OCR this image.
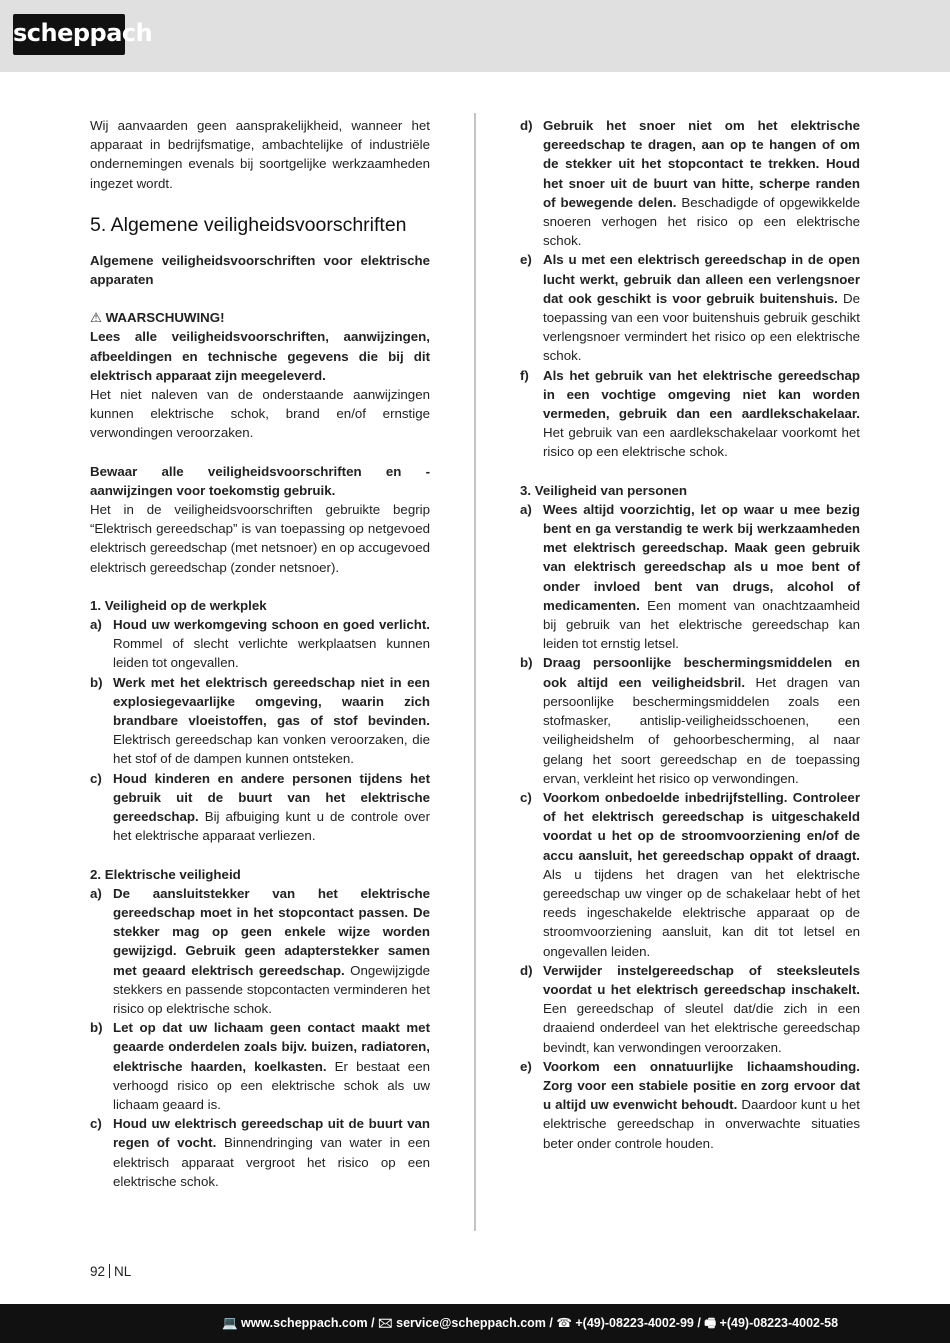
scheppach

Wij aanvaarden geen aansprakelijkheid, wanneer het apparaat in bedrijfsmatige, ambachtelijke of industriële ondernemingen evenals bij soortgelijke werkzaamheden ingezet wordt.

5. Algemene veiligheidsvoorschriften

Algemene veiligheidsvoorschriften voor elektrische apparaten

⚠ WAARSCHUWING!

Lees alle veiligheidsvoorschriften, aanwijzingen, afbeeldingen en technische gegevens die bij dit elektrisch apparaat zijn meegeleverd.

Het niet naleven van de onderstaande aanwijzingen kunnen elektrische schok, brand en/of ernstige verwondingen veroorzaken.

Bewaar alle veiligheidsvoorschriften en -aanwijzingen voor toekomstig gebruik.

Het in de veiligheidsvoorschriften gebruikte begrip “Elektrisch gereedschap” is van toepassing op netgevoed elektrisch gereedschap (met netsnoer) en op accugevoed elektrisch gereedschap (zonder netsnoer).

1. Veiligheid op de werkplek

a) Houd uw werkomgeving schoon en goed verlicht. Rommel of slecht verlichte werkplaatsen kunnen leiden tot ongevallen.
b) Werk met het elektrisch gereedschap niet in een explosiegevaarlijke omgeving, waarin zich brandbare vloeistoffen, gas of stof bevinden. Elektrisch gereedschap kan vonken veroorzaken, die het stof of de dampen kunnen ontsteken.
c) Houd kinderen en andere personen tijdens het gebruik uit de buurt van het elektrische gereedschap. Bij afbuiging kunt u de controle over het elektrische apparaat verliezen.

2. Elektrische veiligheid

a) De aansluitstekker van het elektrische gereedschap moet in het stopcontact passen. De stekker mag op geen enkele wijze worden gewijzigd. Gebruik geen adapterstekker samen met geaard elektrisch gereedschap. Ongewijzigde stekkers en passende stopcontacten verminderen het risico op elektrische schok.
b) Let op dat uw lichaam geen contact maakt met geaarde onderdelen zoals bijv. buizen, radiatoren, elektrische haarden, koelkasten. Er bestaat een verhoogd risico op een elektrische schok als uw lichaam geaard is.
c) Houd uw elektrisch gereedschap uit de buurt van regen of vocht. Binnendringing van water in een elektrisch apparaat vergroot het risico op een elektrische schok.
d) Gebruik het snoer niet om het elektrische gereedschap te dragen, aan op te hangen of om de stekker uit het stopcontact te trekken. Houd het snoer uit de buurt van hitte, scherpe randen of bewegende delen. Beschadigde of opgewikkelde snoeren verhogen het risico op een elektrische schok.
e) Als u met een elektrisch gereedschap in de open lucht werkt, gebruik dan alleen een verlengsnoer dat ook geschikt is voor gebruik buitenshuis. De toepassing van een voor buitenshuis gebruik geschikt verlengsnoer vermindert het risico op een elektrische schok.
f)	Als het gebruik van het elektrische gereedschap in een vochtige omgeving niet kan worden vermeden, gebruik dan een aardlekschakelaar. Het gebruik van een aardlekschakelaar voorkomt het risico op een elektrische schok.

3. Veiligheid van personen

a) Wees altijd voorzichtig, let op waar u mee bezig bent en ga verstandig te werk bij werkzaamheden met elektrisch gereedschap. Maak geen gebruik van elektrisch gereedschap als u moe bent of onder invloed bent van drugs, alcohol of medicamenten. Een moment van onachtzaamheid bij gebruik van het elektrische gereedschap kan leiden tot ernstig letsel.
b) Draag persoonlijke beschermingsmiddelen en ook altijd een veiligheidsbril. Het dragen van persoonlijke beschermingsmiddelen zoals een stofmasker, antislip-veiligheidsschoenen, een veiligheidshelm of gehoorbescherming, al naar gelang het soort gereedschap en de toepassing ervan, verkleint het risico op verwondingen.
c) Voorkom onbedoelde inbedrijfstelling. Controleer of het elektrisch gereedschap is uitgeschakeld voordat u het op de stroomvoorziening en/of de accu aansluit, het gereedschap oppakt of draagt. Als u tijdens het dragen van het elektrische gereedschap uw vinger op de schakelaar hebt of het reeds ingeschakelde elektrische apparaat op de stroomvoorziening aansluit, kan dit tot letsel en ongevallen leiden.
d) Verwijder instelgereedschap of steeksleutels voordat u het elektrisch gereedschap inschakelt. Een gereedschap of sleutel dat/die zich in een draaiend onderdeel van het elektrische gereedschap bevindt, kan verwondingen veroorzaken.
e) Voorkom een onnatuurlijke lichaamshouding. Zorg voor een stabiele positie en zorg ervoor dat u altijd uw evenwicht behoudt. Daardoor kunt u het elektrische gereedschap in onverwachte situaties beter onder controle houden.
92 NL
💻 www.scheppach.com / 🖂 service@scheppach.com / ☎ +(49)-08223-4002-99 / 🖷 +(49)-08223-4002-58
